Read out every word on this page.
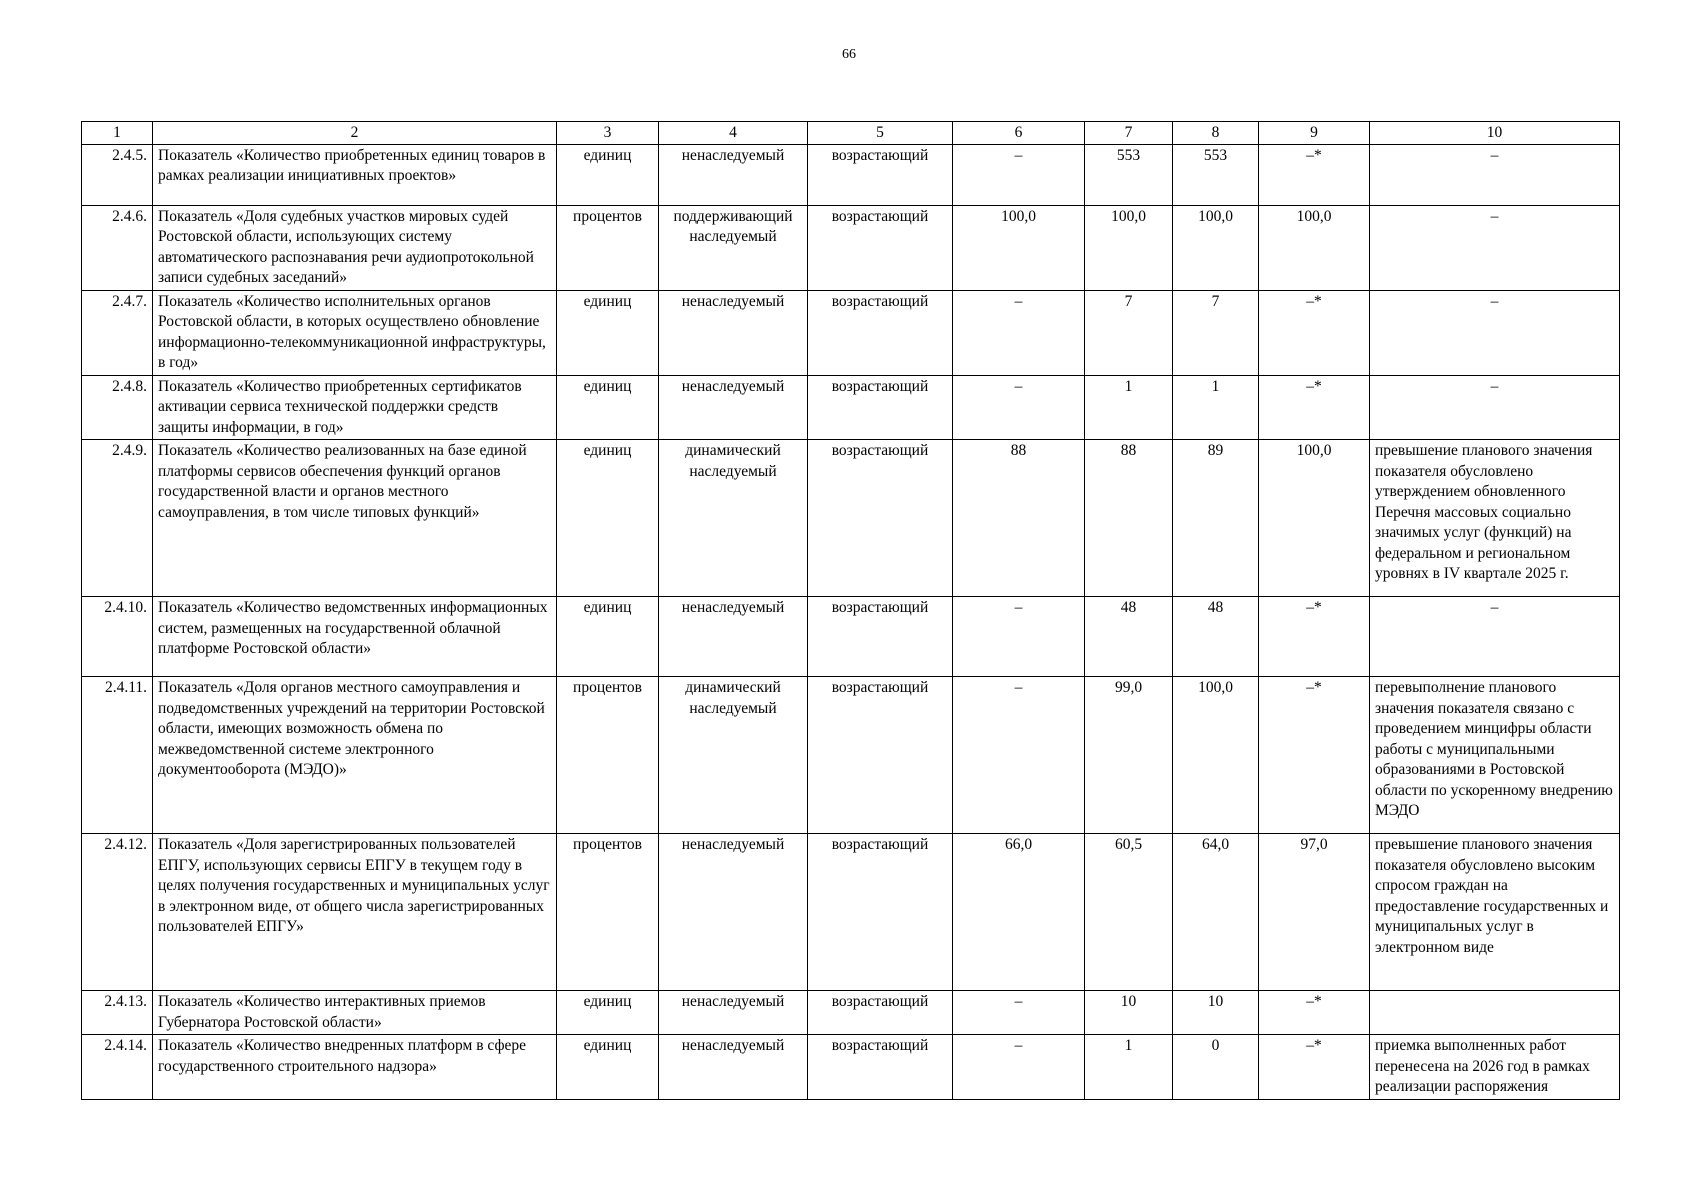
66
1	2	3	4	5	6	7	8	9	10
2.4.5.	Показатель «Количество приобретенных единиц товаров в рамках реализации инициативных проектов»	единиц	ненаследуемый	возрастающий	–	553	553	–*	–
2.4.6.	Показатель «Доля судебных участков мировых судей Ростовской области, использующих систему автоматического распознавания речи аудиопротокольной записи судебных заседаний»	процентов	поддерживающий наследуемый	возрастающий	100,0	100,0	100,0	100,0	–
2.4.7.	Показатель «Количество исполнительных органов Ростовской области, в которых осуществлено обновление информационно-телекоммуникационной инфраструктуры, в год»	единиц	ненаследуемый	возрастающий	–	7	7	–*	–
2.4.8.	Показатель «Количество приобретенных сертификатов активации сервиса технической поддержки средств защиты информации, в год»	единиц	ненаследуемый	возрастающий	–	1	1	–*	–
2.4.9.	Показатель «Количество реализованных на базе единой платформы сервисов обеспечения функций органов государственной власти и органов местного самоуправления, в том числе типовых функций»	единиц	динамический наследуемый	возрастающий	88	88	89	100,0	превышение планового значения показателя обусловлено утверждением обновленного Перечня массовых социально значимых услуг (функций) на федеральном и региональном уровнях в IV квартале 2025 г.
2.4.10.	Показатель «Количество ведомственных информационных систем, размещенных на государственной облачной платформе Ростовской области»	единиц	ненаследуемый	возрастающий	–	48	48	–*	–
2.4.11.	Показатель «Доля органов местного самоуправления и подведомственных учреждений на территории Ростовской области, имеющих возможность обмена по межведомственной системе электронного документооборота (МЭДО)»	процентов	динамический наследуемый	возрастающий	–	99,0	100,0	–*	перевыполнение планового значения показателя связано с проведением минцифры области работы с муниципальными образованиями в Ростовской области по ускоренному внедрению МЭДО
2.4.12.	Показатель «Доля зарегистрированных пользователей ЕПГУ, использующих сервисы ЕПГУ в текущем году в целях получения государственных и муниципальных услуг в электронном виде, от общего числа зарегистрированных пользователей ЕПГУ»	процентов	ненаследуемый	возрастающий	66,0	60,5	64,0	97,0	превышение планового значения показателя обусловлено высоким спросом граждан на предоставление государственных и муниципальных услуг в электронном виде
2.4.13.	Показатель «Количество интерактивных приемов Губернатора Ростовской области»	единиц	ненаследуемый	возрастающий	–	10	10	–*	
2.4.14.	Показатель «Количество внедренных платформ в сфере государственного строительного надзора»	единиц	ненаследуемый	возрастающий	–	1	0	–*	приемка выполненных работ перенесена на 2026 год в рамках реализации распоряжения
